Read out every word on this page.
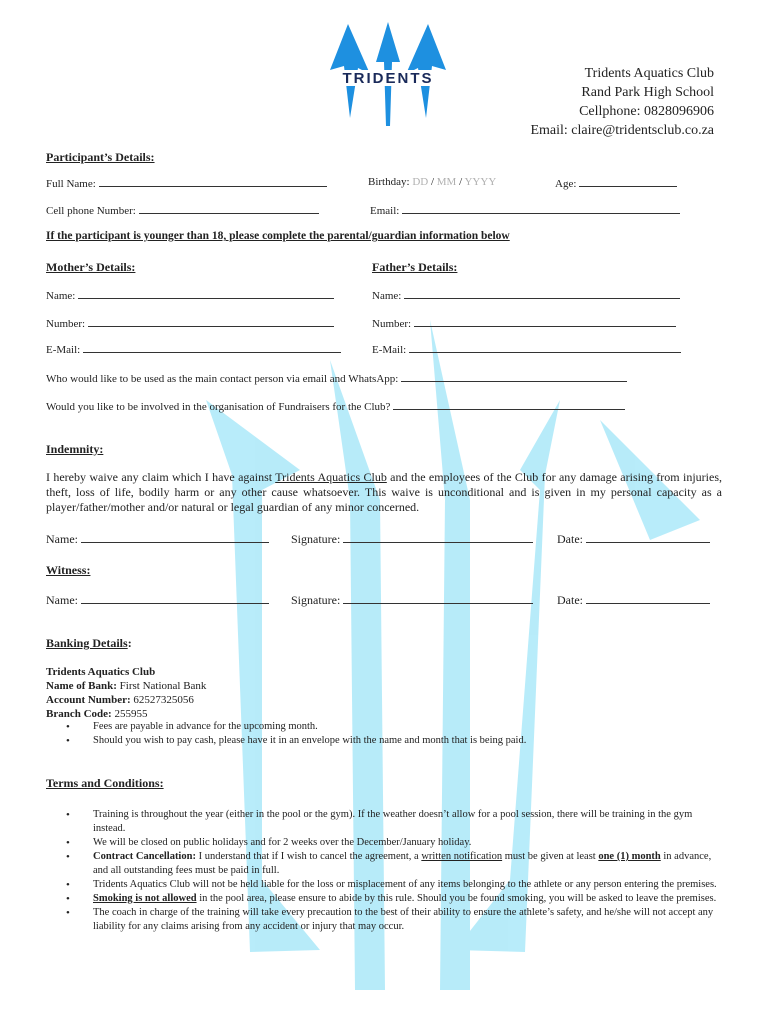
TRIDENTS	Tridents Aquatics Club
Rand Park High School
Cellphone: 0828096906
Email: claire@tridentsclub.co.za
Participant’s Details:
Full Name:	Birthday: DD / MM / YYYY	Age:
Cell phone Number:	Email:
If the participant is younger than 18, please complete the parental/guardian information below
Mother’s Details:	Father’s Details:
Name:	Name:
Number:	Number:
E-Mail:	E-Mail:
Who would like to be used as the main contact person via email and WhatsApp:
Would you like to be involved in the organisation of Fundraisers for the Club?
Indemnity:
I hereby waive any claim which I have against Tridents Aquatics Club and the employees of the Club for any damage arising from injuries, theft, loss of life, bodily harm or any other cause whatsoever. This waive is unconditional and is given in my personal capacity as a player/father/mother and/or natural or legal guardian of any minor concerned.
Name:	Signature:	Date:
Witness:
Name:	Signature:	Date:
Banking Details:
Tridents Aquatics Club
Name of Bank: First National Bank
Account Number: 62527325056
Branch Code: 255955
• Fees are payable in advance for the upcoming month.
• Should you wish to pay cash, please have it in an envelope with the name and month that is being paid.
Terms and Conditions:
• Training is throughout the year (either in the pool or the gym). If the weather doesn’t allow for a pool session, there will be training in the gym instead.
• We will be closed on public holidays and for 2 weeks over the December/January holiday.
• Contract Cancellation: I understand that if I wish to cancel the agreement, a written notification must be given at least one (1) month in advance, and all outstanding fees must be paid in full.
• Tridents Aquatics Club will not be held liable for the loss or misplacement of any items belonging to the athlete or any person entering the premises.
• Smoking is not allowed in the pool area, please ensure to abide by this rule. Should you be found smoking, you will be asked to leave the premises.
• The coach in charge of the training will take every precaution to the best of their ability to ensure the athlete’s safety, and he/she will not accept any liability for any claims arising from any accident or injury that may occur.
